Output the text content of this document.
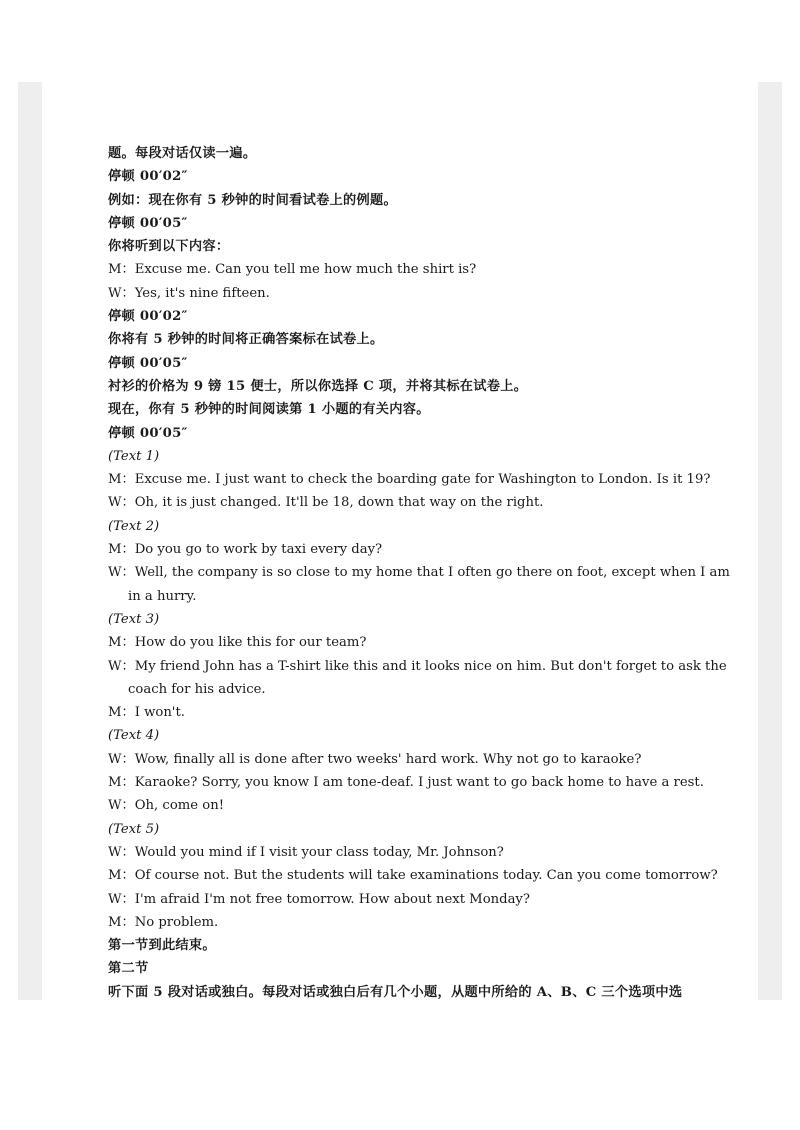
题。每段对话仅读一遍。
停顿 00′02″
例如：现在你有 5 秒钟的时间看试卷上的例题。
停顿 00′05″
你将听到以下内容：
M：Excuse me. Can you tell me how much the shirt is?
W：Yes, it's nine fifteen.
停顿 00′02″
你将有 5 秒钟的时间将正确答案标在试卷上。
停顿 00′05″
衬衫的价格为 9 镑 15 便士，所以你选择 C 项，并将其标在试卷上。
现在，你有 5 秒钟的时间阅读第 1 小题的有关内容。
停顿 00′05″
(Text 1)
M：Excuse me. I just want to check the boarding gate for Washington to London. Is it 19?
W：Oh, it is just changed. It'll be 18, down that way on the right.
(Text 2)
M：Do you go to work by taxi every day?
W：Well, the company is so close to my home that I often go there on foot, except when I am
in a hurry.
(Text 3)
M：How do you like this for our team?
W：My friend John has a T-shirt like this and it looks nice on him. But don't forget to ask the
coach for his advice.
M：I won't.
(Text 4)
W：Wow, finally all is done after two weeks' hard work. Why not go to karaoke?
M：Karaoke? Sorry, you know I am tone-deaf. I just want to go back home to have a rest.
W：Oh, come on!
(Text 5)
W：Would you mind if I visit your class today, Mr. Johnson?
M：Of course not. But the students will take examinations today. Can you come tomorrow?
W：I'm afraid I'm not free tomorrow. How about next Monday?
M：No problem.
第一节到此结束。
第二节
听下面 5 段对话或独白。每段对话或独白后有几个小题，从题中所给的 A、B、C 三个选项中选
